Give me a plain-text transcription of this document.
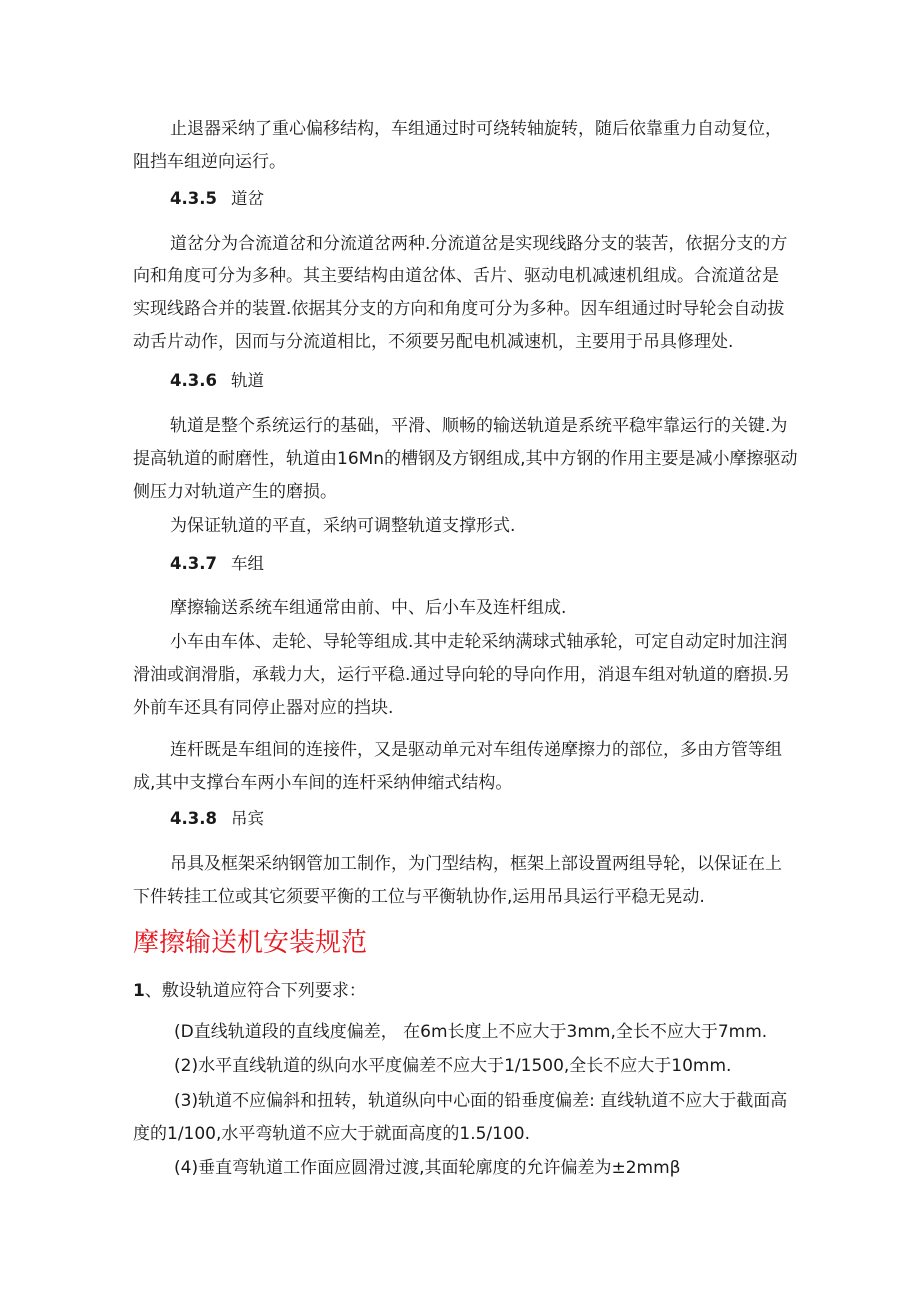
止退器采纳了重心偏移结构，车组通过时可绕转轴旋转，随后依靠重力自动复位，
阻挡车组逆向运行。
4.3.5 道岔
道岔分为合流道岔和分流道岔两种.分流道岔是实现线路分支的装苦，依据分支的方
向和角度可分为多种。其主要结构由道岔体、舌片、驱动电机减速机组成。合流道岔是
实现线路合并的装置.依据其分支的方向和角度可分为多种。因车组通过时导轮会自动拔
动舌片动作，因而与分流道相比，不须要另配电机减速机，主要用于吊具修理处.
4.3.6 轨道
轨道是整个系统运行的基础，平滑、顺畅的输送轨道是系统平稳牢靠运行的关键.为
提高轨道的耐磨性，轨道由16Mn的槽钢及方钢组成,其中方钢的作用主要是减小摩擦驱动
侧压力对轨道产生的磨损。
为保证轨道的平直，采纳可调整轨道支撑形式.
4.3.7 车组
摩擦输送系统车组通常由前、中、后小车及连杆组成.
小车由车体、走轮、导轮等组成.其中走轮采纳满球式轴承轮，可定自动定时加注润
滑油或润滑脂，承载力大，运行平稳.通过导向轮的导向作用，消退车组对轨道的磨损.另
外前车还具有同停止器对应的挡块.
连杆既是车组间的连接件，又是驱动单元对车组传递摩擦力的部位，多由方管等组
成,其中支撑台车两小车间的连杆采纳伸缩式结构。
4.3.8 吊宾
吊具及框架采纳钢管加工制作，为门型结构，框架上部设置两组导轮，以保证在上
下件转挂工位或其它须要平衡的工位与平衡轨协作,运用吊具运行平稳无晃动.
摩擦输送机安装规范
1、敷设轨道应符合下列要求：
(D直线轨道段的直线度偏差， 在6m长度上不应大于3mm,全长不应大于7mm.
(2)水平直线轨道的纵向水平度偏差不应大于1/1500,全长不应大于10mm.
(3)轨道不应偏斜和扭转，轨道纵向中心面的铅垂度偏差: 直线轨道不应大于截面高
度的1/100,水平弯轨道不应大于就面高度的1.5/100.
(4)垂直弯轨道工作面应圆滑过渡,其面轮廓度的允许偏差为±2mmβ
